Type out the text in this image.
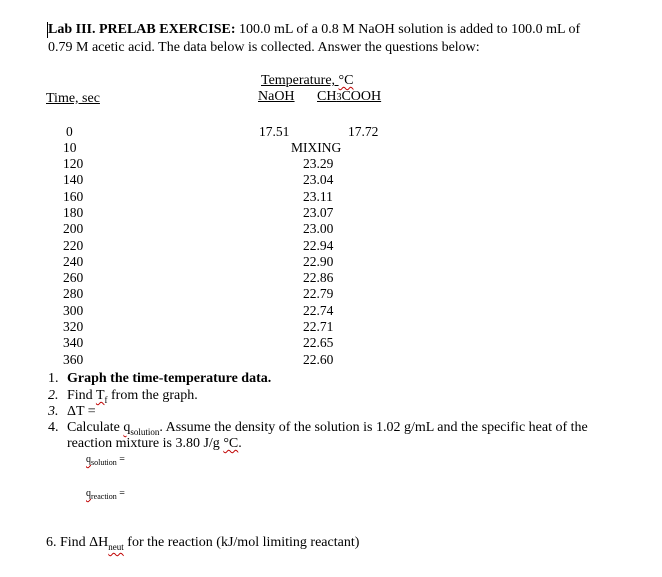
Lab III. PRELAB EXERCISE: 100.0 mL of a 0.8 M NaOH solution is added to 100.0 mL of
0.79 M acetic acid. The data below is collected. Answer the questions below:
Temperature, °C
NaOH CH3COOH
Time, sec
0
10
120
140
160
180
200
220
240
260
280
300
320
340
360
17.51	17.72
MIXING
23.29
23.04
23.11
23.07
23.00
22.94
22.90
22.86
22.79
22.74
22.71
22.65
22.60
1. Graph the time-temperature data.
2. Find $T_f$ from the graph.
3. ΔT =
4. Calculate $q_{solution}$. Assume the density of the solution is 1.02 g/mL and the specific heat of the
reaction mixture is 3.80 J/g °C.
$q_{solution}$ =
$q_{reaction}$ =
6. Find $\Delta H_{neut}$ for the reaction (kJ/mol limiting reactant)
